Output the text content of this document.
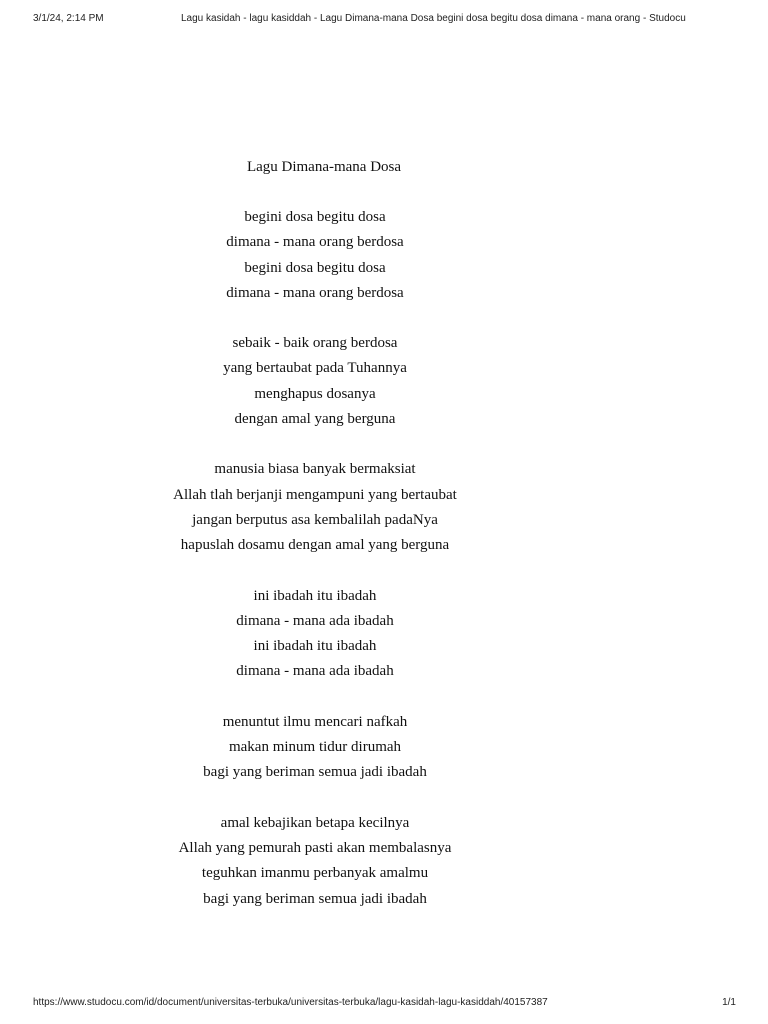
3/1/24, 2:14 PM	Lagu kasidah - lagu kasiddah - Lagu Dimana-mana Dosa begini dosa begitu dosa dimana - mana orang - Studocu
Lagu Dimana-mana Dosa
begini dosa begitu dosa
dimana - mana orang berdosa
begini dosa begitu dosa
dimana - mana orang berdosa
sebaik - baik orang berdosa
yang bertaubat pada Tuhannya
menghapus dosanya
dengan amal yang berguna
manusia biasa banyak bermaksiat
Allah tlah berjanji mengampuni yang bertaubat
jangan berputus asa kembalilah padaNya
hapuslah dosamu dengan amal yang berguna
ini ibadah itu ibadah
dimana - mana ada ibadah
ini ibadah itu ibadah
dimana - mana ada ibadah
menuntut ilmu mencari nafkah
makan minum tidur dirumah
bagi yang beriman semua jadi ibadah
amal kebajikan betapa kecilnya
Allah yang pemurah pasti akan membalasnya
teguhkan imanmu perbanyak amalmu
bagi yang beriman semua jadi ibadah
https://www.studocu.com/id/document/universitas-terbuka/universitas-terbuka/lagu-kasidah-lagu-kasiddah/40157387	1/1
